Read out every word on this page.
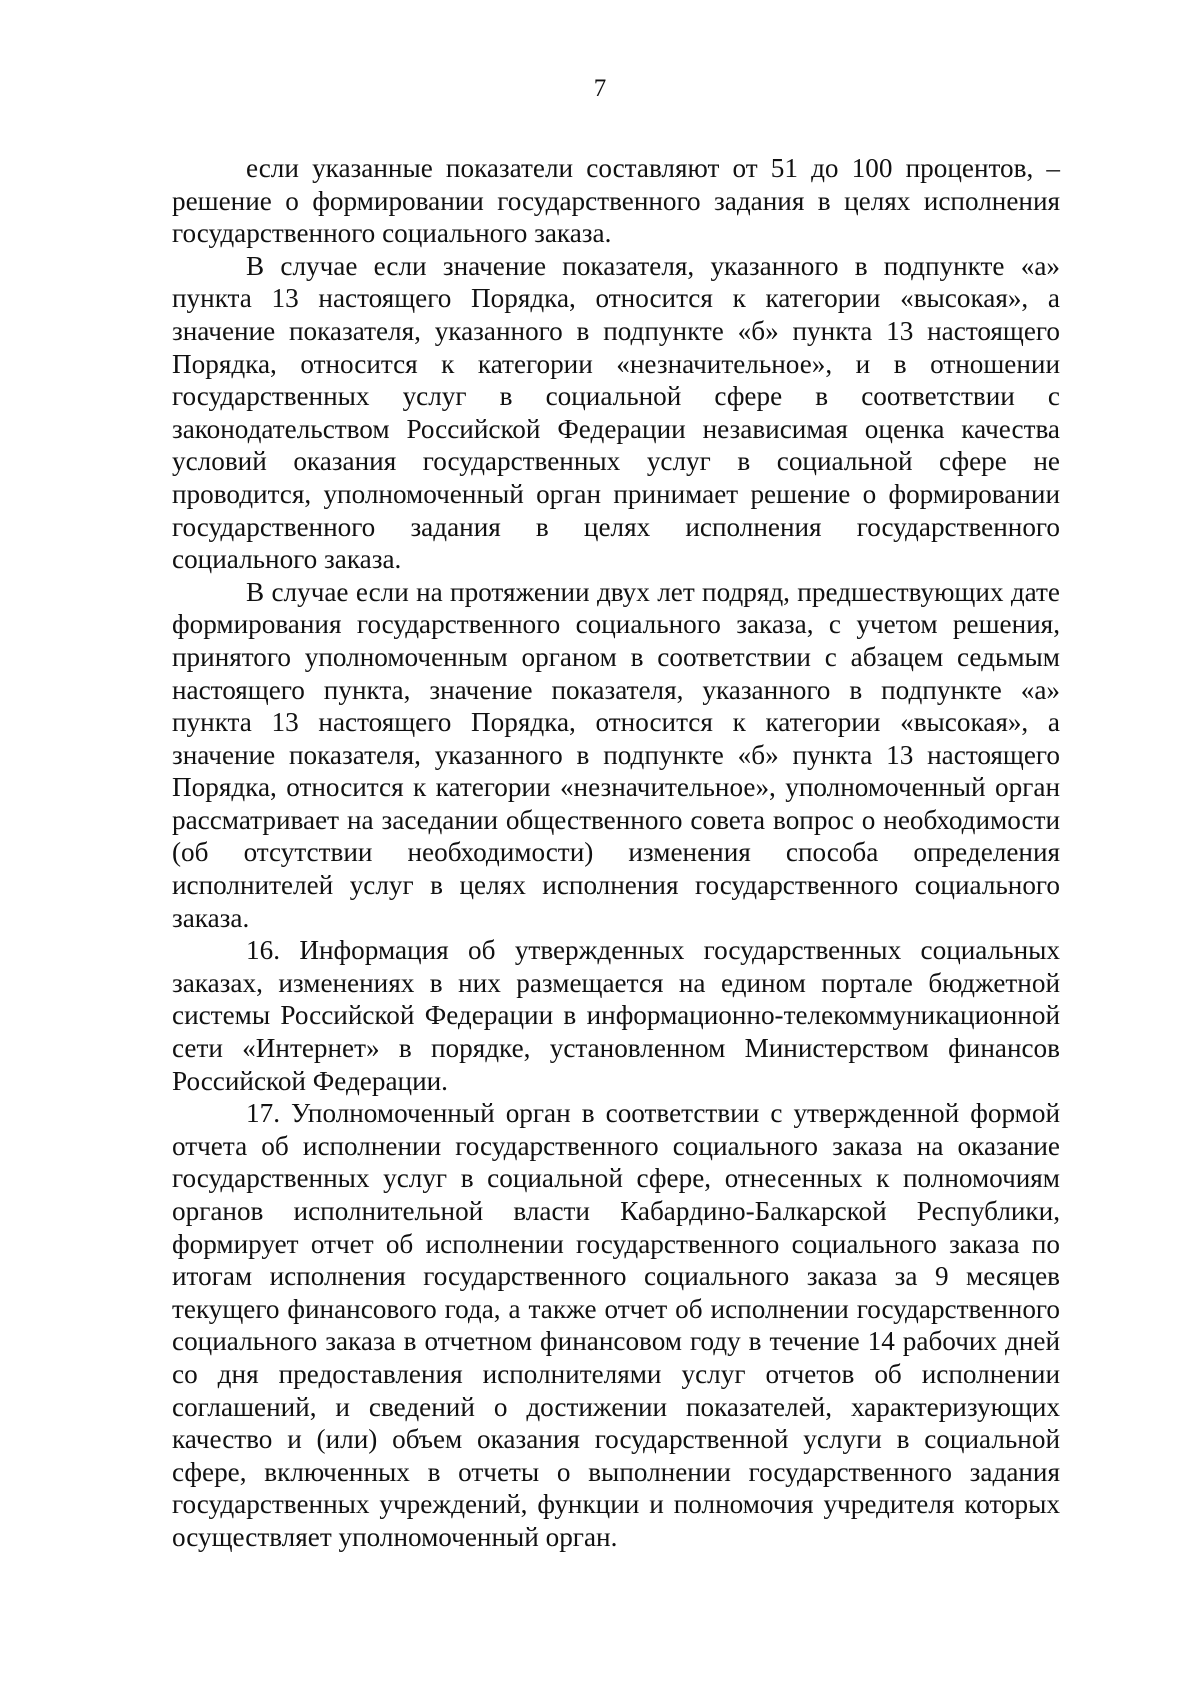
7

если указанные показатели составляют от 51 до 100 процентов, – решение о формировании государственного задания в целях исполнения государственного социального заказа.

В случае если значение показателя, указанного в подпункте «а» пункта 13 настоящего Порядка, относится к категории «высокая», а значение показателя, указанного в подпункте «б» пункта 13 настоящего Порядка, относится к категории «незначительное», и в отношении государственных услуг в социальной сфере в соответствии с законодательством Российской Федерации независимая оценка качества условий оказания государственных услуг в социальной сфере не проводится, уполномоченный орган принимает решение о формировании государственного задания в целях исполнения государственного социального заказа.

В случае если на протяжении двух лет подряд, предшествующих дате формирования государственного социального заказа, с учетом решения, принятого уполномоченным органом в соответствии с абзацем седьмым настоящего пункта, значение показателя, указанного в подпункте «а» пункта 13 настоящего Порядка, относится к категории «высокая», а значение показателя, указанного в подпункте «б» пункта 13 настоящего Порядка, относится к категории «незначительное», уполномоченный орган рассматривает на заседании общественного совета вопрос о необходимости (об отсутствии необходимости) изменения способа определения исполнителей услуг в целях исполнения государственного социального заказа.

16. Информация об утвержденных государственных социальных заказах, изменениях в них размещается на едином портале бюджетной системы Российской Федерации в информационно-телекоммуникационной сети «Интернет» в порядке, установленном Министерством финансов Российской Федерации.

17. Уполномоченный орган в соответствии с утвержденной формой отчета об исполнении государственного социального заказа на оказание государственных услуг в социальной сфере, отнесенных к полномочиям органов исполнительной власти Кабардино-Балкарской Республики, формирует отчет об исполнении государственного социального заказа по итогам исполнения государственного социального заказа за 9 месяцев текущего финансового года, а также отчет об исполнении государственного социального заказа в отчетном финансовом году в течение 14 рабочих дней со дня предоставления исполнителями услуг отчетов об исполнении соглашений, и сведений о достижении показателей, характеризующих качество и (или) объем оказания государственной услуги в социальной сфере, включенных в отчеты о выполнении государственного задания государственных учреждений, функции и полномочия учредителя которых осуществляет уполномоченный орган.
